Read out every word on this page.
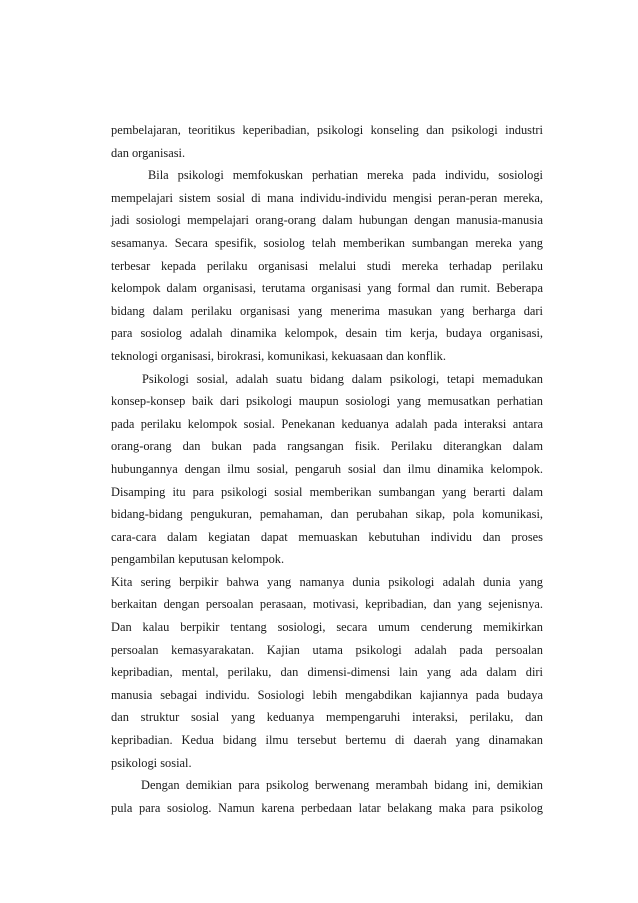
pembelajaran, teoritikus keperibadian, psikologi konseling dan psikologi industri
dan organisasi.
Bila psikologi memfokuskan perhatian mereka pada individu, sosiologi
mempelajari sistem sosial di mana individu-individu mengisi peran-peran mereka,
jadi sosiologi mempelajari orang-orang dalam hubungan dengan manusia-manusia
sesamanya. Secara spesifik, sosiolog telah memberikan sumbangan mereka yang
terbesar kepada perilaku organisasi melalui studi mereka terhadap perilaku
kelompok dalam organisasi, terutama organisasi yang formal dan rumit. Beberapa
bidang dalam perilaku organisasi yang menerima masukan yang berharga dari
para sosiolog adalah dinamika kelompok, desain tim kerja, budaya organisasi,
teknologi organisasi, birokrasi, komunikasi, kekuasaan dan konflik.
Psikologi sosial, adalah suatu bidang dalam psikologi, tetapi memadukan
konsep-konsep baik dari psikologi maupun sosiologi yang memusatkan perhatian
pada perilaku kelompok sosial. Penekanan keduanya adalah pada interaksi antara
orang-orang dan bukan pada rangsangan fisik. Perilaku diterangkan dalam
hubungannya dengan ilmu sosial, pengaruh sosial dan ilmu dinamika kelompok.
Disamping itu para psikologi sosial memberikan sumbangan yang berarti dalam
bidang-bidang pengukuran, pemahaman, dan perubahan sikap, pola komunikasi,
cara-cara dalam kegiatan dapat memuaskan kebutuhan individu dan proses
pengambilan keputusan kelompok.
Kita sering berpikir bahwa yang namanya dunia psikologi adalah dunia yang
berkaitan dengan persoalan perasaan, motivasi, kepribadian, dan yang sejenisnya.
Dan kalau berpikir tentang sosiologi, secara umum cenderung memikirkan
persoalan kemasyarakatan. Kajian utama psikologi adalah pada persoalan
kepribadian, mental, perilaku, dan dimensi-dimensi lain yang ada dalam diri
manusia sebagai individu. Sosiologi lebih mengabdikan kajiannya pada budaya
dan struktur sosial yang keduanya mempengaruhi interaksi, perilaku, dan
kepribadian. Kedua bidang ilmu tersebut bertemu di daerah yang dinamakan
psikologi sosial.
Dengan demikian para psikolog berwenang merambah bidang ini, demikian
pula para sosiolog. Namun karena perbedaan latar belakang maka para psikolog
